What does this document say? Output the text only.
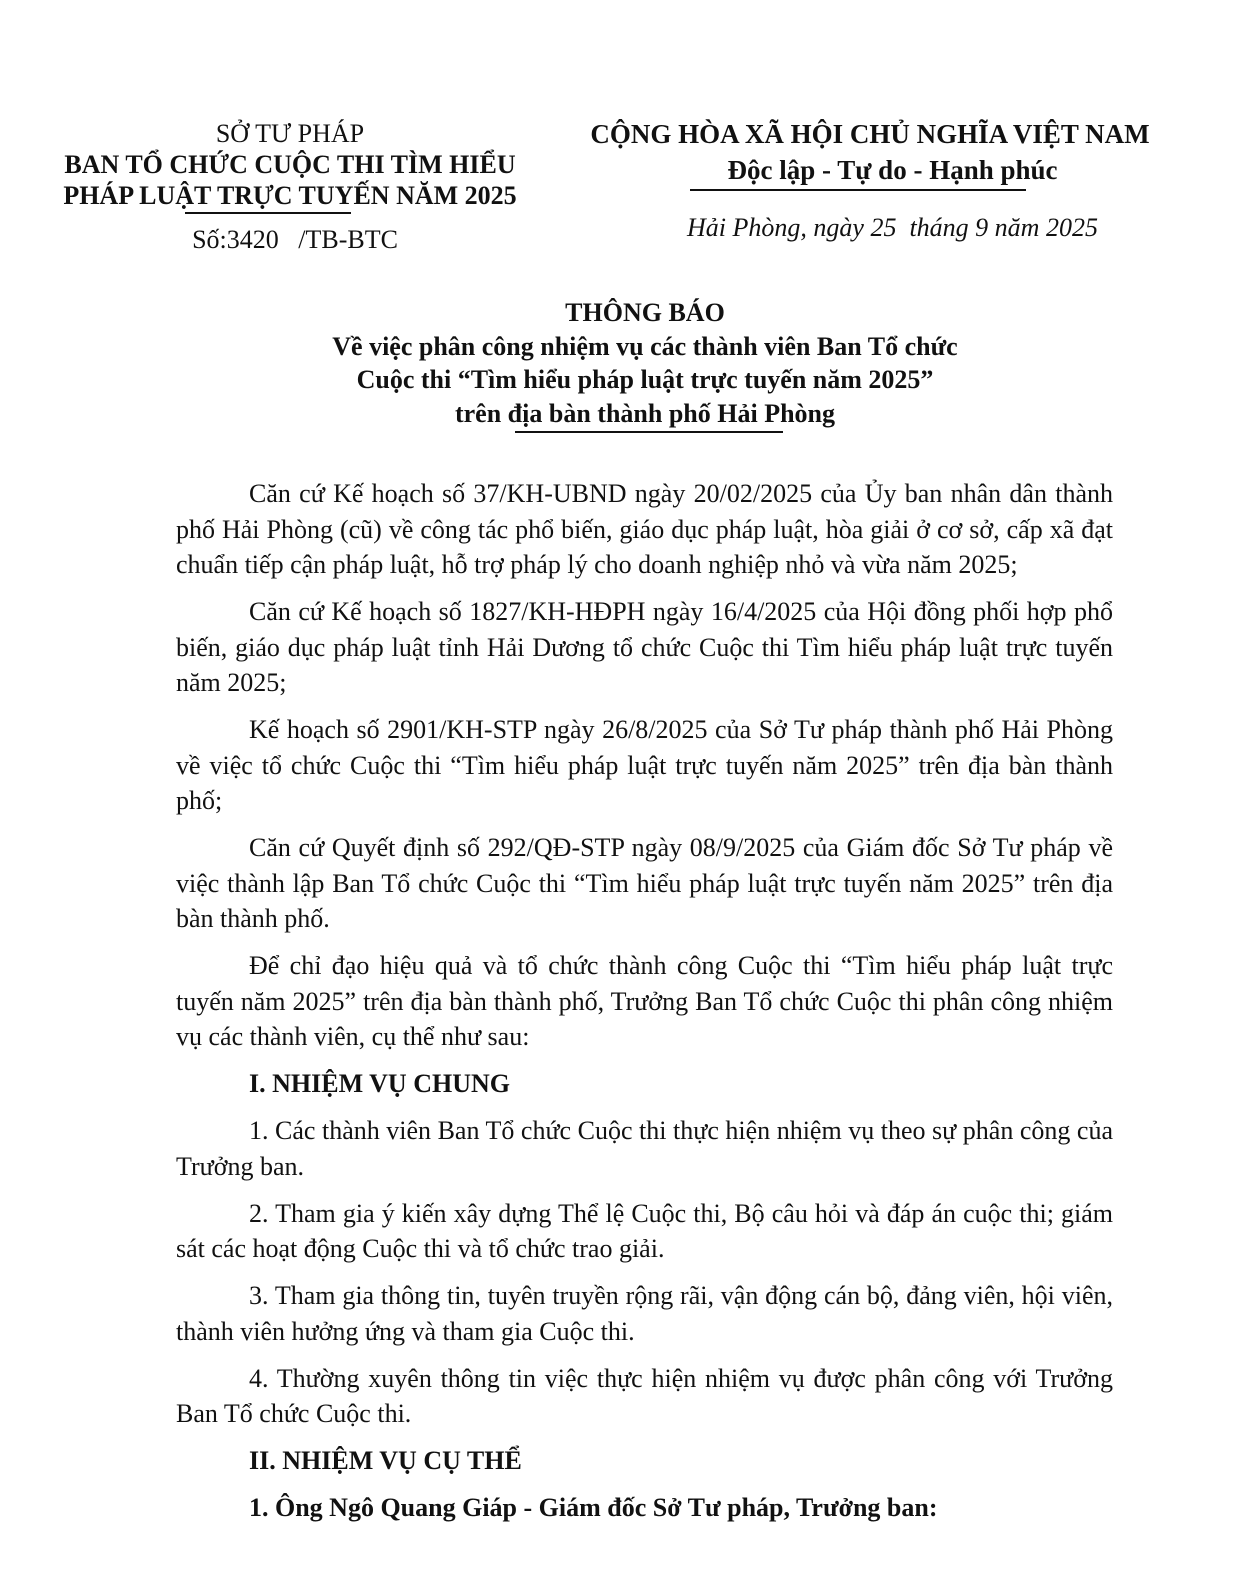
SỞ TƯ PHÁP
BAN TỔ CHỨC CUỘC THI TÌM HIỂU
PHÁP LUẬT TRỰC TUYẾN NĂM 2025
Số:3420   /TB-BTC
CỘNG HÒA XÃ HỘI CHỦ NGHĨA VIỆT NAM
Độc lập - Tự do - Hạnh phúc
Hải Phòng, ngày 25  tháng 9 năm 2025
THÔNG BÁO
Về việc phân công nhiệm vụ các thành viên Ban Tổ chức
Cuộc thi “Tìm hiểu pháp luật trực tuyến năm 2025”
trên địa bàn thành phố Hải Phòng

Căn cứ Kế hoạch số 37/KH-UBND ngày 20/02/2025 của Ủy ban nhân dân thành phố Hải Phòng (cũ) về công tác phổ biến, giáo dục pháp luật, hòa giải ở cơ sở, cấp xã đạt chuẩn tiếp cận pháp luật, hỗ trợ pháp lý cho doanh nghiệp nhỏ và vừa năm 2025;

Căn cứ Kế hoạch số 1827/KH-HĐPH ngày 16/4/2025 của Hội đồng phối hợp phổ biến, giáo dục pháp luật tỉnh Hải Dương tổ chức Cuộc thi Tìm hiểu pháp luật trực tuyến năm 2025;

Kế hoạch số 2901/KH-STP ngày 26/8/2025 của Sở Tư pháp thành phố Hải Phòng về việc tổ chức Cuộc thi “Tìm hiểu pháp luật trực tuyến năm 2025” trên địa bàn thành phố;

Căn cứ Quyết định số 292/QĐ-STP ngày 08/9/2025 của Giám đốc Sở Tư pháp về việc thành lập Ban Tổ chức Cuộc thi “Tìm hiểu pháp luật trực tuyến năm 2025” trên địa bàn thành phố.

Để chỉ đạo hiệu quả và tổ chức thành công Cuộc thi “Tìm hiểu pháp luật trực tuyến năm 2025” trên địa bàn thành phố, Trưởng Ban Tổ chức Cuộc thi phân công nhiệm vụ các thành viên, cụ thể như sau:

I. NHIỆM VỤ CHUNG

1. Các thành viên Ban Tổ chức Cuộc thi thực hiện nhiệm vụ theo sự phân công của Trưởng ban.

2. Tham gia ý kiến xây dựng Thể lệ Cuộc thi, Bộ câu hỏi và đáp án cuộc thi; giám sát các hoạt động Cuộc thi và tổ chức trao giải.

3. Tham gia thông tin, tuyên truyền rộng rãi, vận động cán bộ, đảng viên, hội viên, thành viên hưởng ứng và tham gia Cuộc thi.

4. Thường xuyên thông tin việc thực hiện nhiệm vụ được phân công với Trưởng Ban Tổ chức Cuộc thi.

II. NHIỆM VỤ CỤ THỂ

1. Ông Ngô Quang Giáp - Giám đốc Sở Tư pháp, Trưởng ban:
